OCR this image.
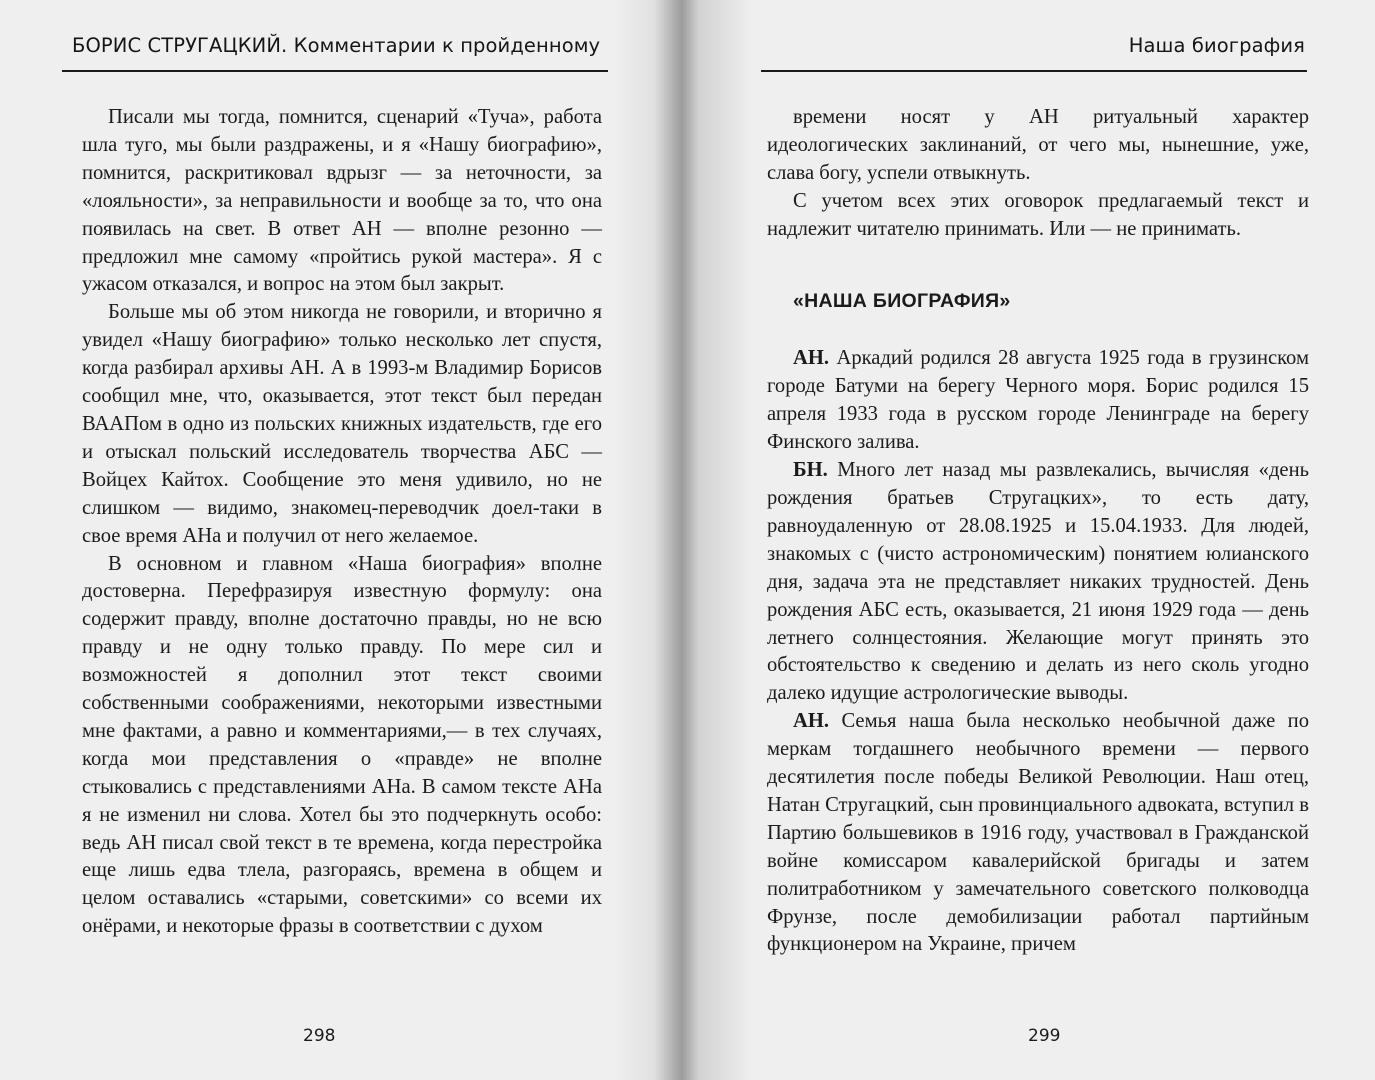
БОРИС СТРУГАЦКИЙ. Комментарии к пройденному

Писали мы тогда, помнится, сценарий «Туча», работа шла туго, мы были раздражены, и я «Нашу биографию», помнится, раскритиковал вдрызг — за неточности, за «лояльности», за неправильности и вообще за то, что она появилась на свет. В ответ АН — вполне резонно — предложил мне самому «пройтись рукой мастера». Я с ужасом отказался, и вопрос на этом был закрыт.

Больше мы об этом никогда не говорили, и вторично я увидел «Нашу биографию» только несколько лет спустя, когда разбирал архивы АН. А в 1993-м Владимир Борисов сообщил мне, что, оказывается, этот текст был передан ВААПом в одно из польских книжных издательств, где его и отыскал польский исследователь творчества АБС — Войцех Кайтох. Сообщение это меня удивило, но не слишком — видимо, знакомец-переводчик доел-таки в свое время АНа и получил от него желаемое.

В основном и главном «Наша биография» вполне достоверна. Перефразируя известную формулу: она содержит правду, вполне достаточно правды, но не всю правду и не одну только правду. По мере сил и возможностей я дополнил этот текст своими собственными соображениями, некоторыми известными мне фактами, а равно и комментариями,— в тех случаях, когда мои представления о «правде» не вполне стыковались с представлениями АНа. В самом тексте АНа я не изменил ни слова. Хотел бы это подчеркнуть особо: ведь АН писал свой текст в те времена, когда перестройка еще лишь едва тлела, разгораясь, времена в общем и целом оставались «старыми, советскими» со всеми их онёрами, и некоторые фразы в соответствии с духом

298
Наша биография

времени носят у АН ритуальный характер идеологических заклинаний, от чего мы, нынешние, уже, слава богу, успели отвыкнуть.

С учетом всех этих оговорок предлагаемый текст и надлежит читателю принимать. Или — не принимать.

«НАША БИОГРАФИЯ»

АН. Аркадий родился 28 августа 1925 года в грузинском городе Батуми на берегу Черного моря. Борис родился 15 апреля 1933 года в русском городе Ленинграде на берегу Финского залива.

БН. Много лет назад мы развлекались, вычисляя «день рождения братьев Стругацких», то есть дату, равноудаленную от 28.08.1925 и 15.04.1933. Для людей, знакомых с (чисто астрономическим) понятием юлианского дня, задача эта не представляет никаких трудностей. День рождения АБС есть, оказывается, 21 июня 1929 года — день летнего солнцестояния. Желающие могут принять это обстоятельство к сведению и делать из него сколь угодно далеко идущие астрологические выводы.

АН. Семья наша была несколько необычной даже по меркам тогдашнего необычного времени — первого десятилетия после победы Великой Революции. Наш отец, Натан Стругацкий, сын провинциального адвоката, вступил в Партию большевиков в 1916 году, участвовал в Гражданской войне комиссаром кавалерийской бригады и затем политработником у замечательного советского полководца Фрунзе, после демобилизации работал партийным функционером на Украине, причем

299
